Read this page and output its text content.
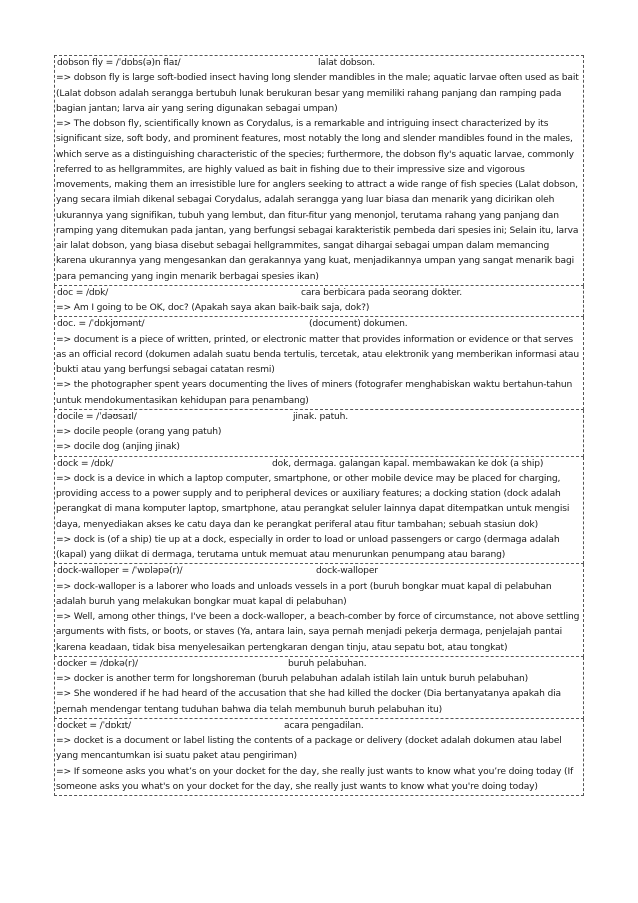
dobson fly = /ˈdɒbs(ə)n flaɪ/	lalat dobson.

=> dobson fly is large soft-bodied insect having long slender mandibles in the male; aquatic larvae often used as bait (Lalat dobson adalah serangga bertubuh lunak berukuran besar yang memiliki rahang panjang dan ramping pada bagian jantan; larva air yang sering digunakan sebagai umpan)

=> The dobson fly, scientifically known as Corydalus, is a remarkable and intriguing insect characterized by its significant size, soft body, and prominent features, most notably the long and slender mandibles found in the males, which serve as a distinguishing characteristic of the species; furthermore, the dobson fly's aquatic larvae, commonly referred to as hellgrammites, are highly valued as bait in fishing due to their impressive size and vigorous movements, making them an irresistible lure for anglers seeking to attract a wide range of fish species (Lalat dobson, yang secara ilmiah dikenal sebagai Corydalus, adalah serangga yang luar biasa dan menarik yang dicirikan oleh ukurannya yang signifikan, tubuh yang lembut, dan fitur-fitur yang menonjol, terutama rahang yang panjang dan ramping yang ditemukan pada jantan, yang berfungsi sebagai karakteristik pembeda dari spesies ini; Selain itu, larva air lalat dobson, yang biasa disebut sebagai hellgrammites, sangat dihargai sebagai umpan dalam memancing karena ukurannya yang mengesankan dan gerakannya yang kuat, menjadikannya umpan yang sangat menarik bagi para pemancing yang ingin menarik berbagai spesies ikan)

doc = /dɒk/	cara berbicara pada seorang dokter.

=> Am I going to be OK, doc? (Apakah saya akan baik-baik saja, dok?)

doc. = /ˈdɒkjʊmənt/	(document) dokumen.

=> document is a piece of written, printed, or electronic matter that provides information or evidence or that serves as an official record (dokumen adalah suatu benda tertulis, tercetak, atau elektronik yang memberikan informasi atau bukti atau yang berfungsi sebagai catatan resmi)

=> the photographer spent years documenting the lives of miners (fotografer menghabiskan waktu bertahun-tahun untuk mendokumentasikan kehidupan para penambang)

docile = /ˈdəʊsaɪl/	jinak. patuh.

=> docile people (orang yang patuh)

=> docile dog (anjing jinak)

dock = /dɒk/	dok, dermaga. galangan kapal. membawakan ke dok (a ship)

=> dock is a device in which a laptop computer, smartphone, or other mobile device may be placed for charging, providing access to a power supply and to peripheral devices or auxiliary features; a docking station (dock adalah perangkat di mana komputer laptop, smartphone, atau perangkat seluler lainnya dapat ditempatkan untuk mengisi daya, menyediakan akses ke catu daya dan ke perangkat periferal atau fitur tambahan; sebuah stasiun dok)

=> dock is (of a ship) tie up at a dock, especially in order to load or unload passengers or cargo (dermaga adalah (kapal) yang diikat di dermaga, terutama untuk memuat atau menurunkan penumpang atau barang)

dock-walloper = /ˈwɒləpə(r)/	dock-walloper

=> dock-walloper is a laborer who loads and unloads vessels in a port (buruh bongkar muat kapal di pelabuhan adalah buruh yang melakukan bongkar muat kapal di pelabuhan)

=> Well, among other things, I've been a dock-walloper, a beach-comber by force of circumstance, not above settling arguments with fists, or boots, or staves (Ya, antara lain, saya pernah menjadi pekerja dermaga, penjelajah pantai karena keadaan, tidak bisa menyelesaikan pertengkaran dengan tinju, atau sepatu bot, atau tongkat)

docker = /dɒkə(r)/	buruh pelabuhan.

=> docker is another term for longshoreman (buruh pelabuhan adalah istilah lain untuk buruh pelabuhan)

=> She wondered if he had heard of the accusation that she had killed the docker (Dia bertanyatanya apakah dia pernah mendengar tentang tuduhan bahwa dia telah membunuh buruh pelabuhan itu)

docket = /ˈdɒkɪt/	acara pengadilan.

=> docket is a document or label listing the contents of a package or delivery (docket adalah dokumen atau label yang mencantumkan isi suatu paket atau pengiriman)

=> If someone asks you what’s on your docket for the day, she really just wants to know what you’re doing today (If someone asks you what's on your docket for the day, she really just wants to know what you're doing today)
